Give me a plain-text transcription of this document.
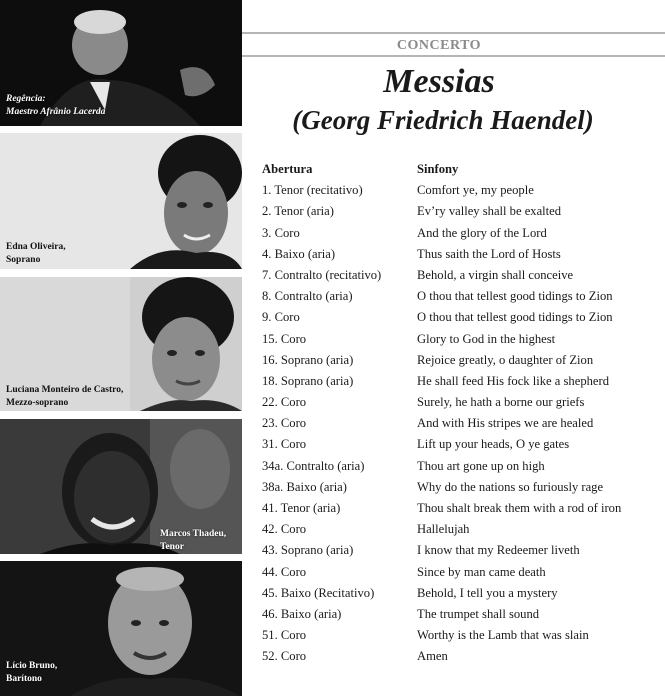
Regência:
Maestro Afrânio Lacerda
Edna Oliveira,
Soprano
Luciana Monteiro de Castro,
Mezzo-soprano
Marcos Thadeu,
Tenor
Lício Bruno,
Barítono
CONCERTO
Messias
(Georg Friedrich Haendel)
Abertura	Sinfony
1. Tenor (recitativo)	Comfort ye, my people
2. Tenor (aria)	Ev’ry valley shall be exalted
3. Coro	And the glory of the Lord
4. Baixo (aria)	Thus saith the Lord of Hosts
7. Contralto (recitativo)	Behold, a virgin shall conceive
8. Contralto (aria)	O thou that tellest good tidings to Zion
9. Coro	O thou that tellest good tidings to Zion
15. Coro	Glory to God in the highest
16. Soprano (aria)	Rejoice greatly, o daughter of Zion
18. Soprano (aria)	He shall feed His fock like a shepherd
22. Coro	Surely, he hath a borne our griefs
23. Coro	And with His stripes we are healed
31. Coro	Lift up your heads, O ye gates
34a. Contralto (aria)	Thou art gone up on high
38a. Baixo (aria)	Why do the nations so furiously rage
41. Tenor (aria)	Thou shalt break them with a rod of iron
42. Coro	Hallelujah
43. Soprano (aria)	I know that my Redeemer liveth
44. Coro	Since by man came death
45. Baixo (Recitativo)	Behold, I tell you a mystery
46. Baixo (aria)	The trumpet shall sound
51. Coro	Worthy is the Lamb that was slain
52. Coro	Amen
